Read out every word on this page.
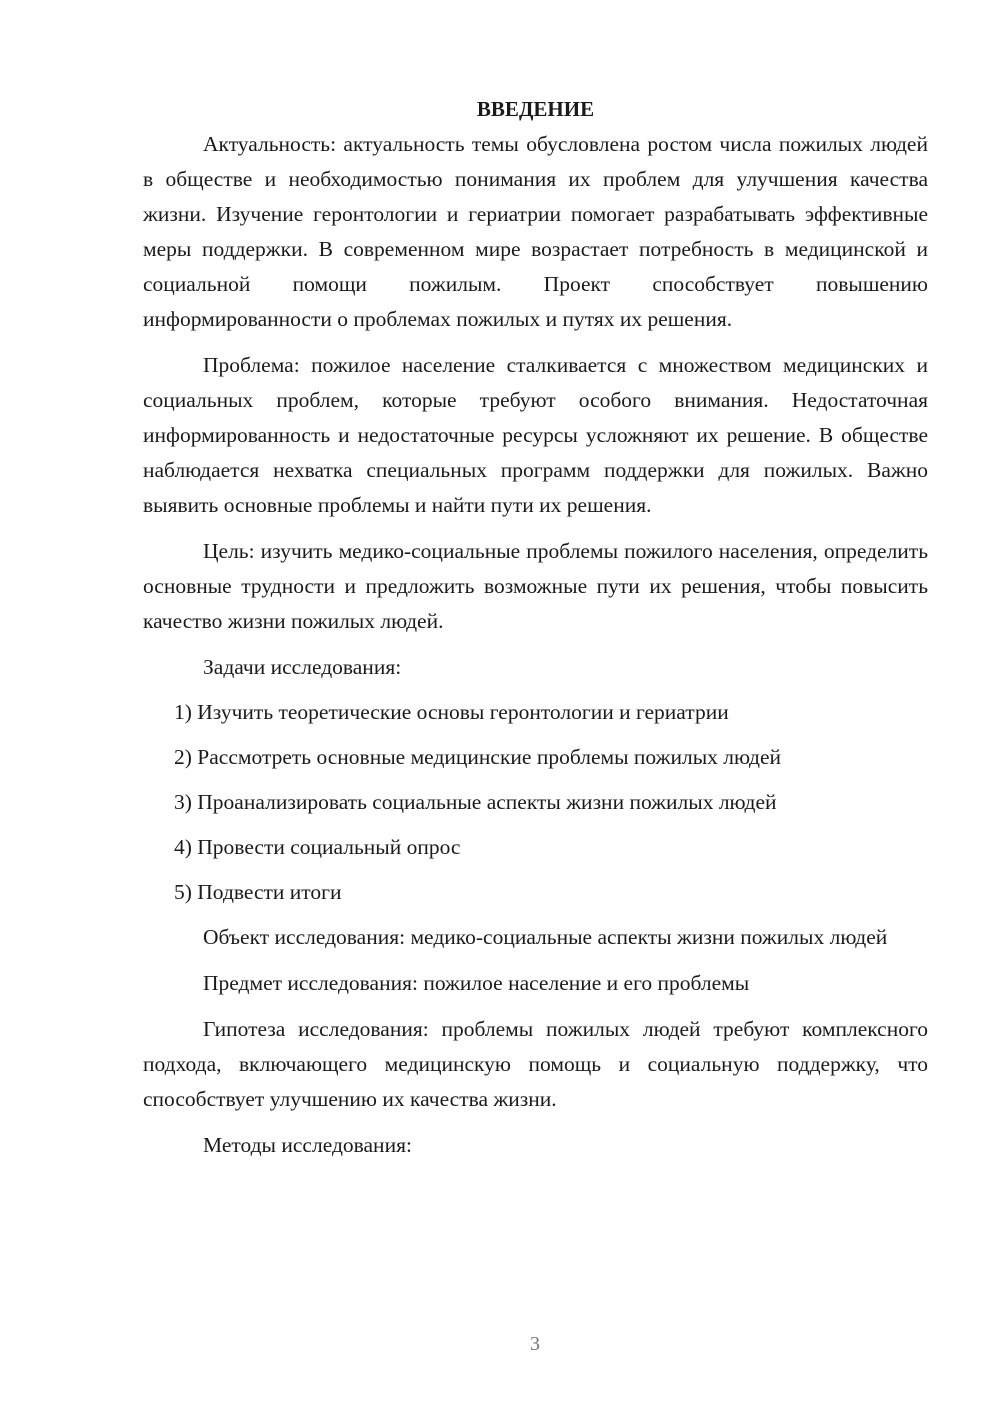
ВВЕДЕНИЕ

Актуальность: актуальность темы обусловлена ростом числа пожилых людей в обществе и необходимостью понимания их проблем для улучшения качества жизни. Изучение геронтологии и гериатрии помогает разрабатывать эффективные меры поддержки. В современном мире возрастает потребность в медицинской и социальной помощи пожилым. Проект способствует повышению информированности о проблемах пожилых и путях их решения.

Проблема: пожилое население сталкивается с множеством медицинских и социальных проблем, которые требуют особого внимания. Недостаточная информированность и недостаточные ресурсы усложняют их решение. В обществе наблюдается нехватка специальных программ поддержки для пожилых. Важно выявить основные проблемы и найти пути их решения.

Цель: изучить медико-социальные проблемы пожилого населения, определить основные трудности и предложить возможные пути их решения, чтобы повысить качество жизни пожилых людей.

Задачи исследования:

1) Изучить теоретические основы геронтологии и гериатрии

2) Рассмотреть основные медицинские проблемы пожилых людей

3) Проанализировать социальные аспекты жизни пожилых людей

4) Провести социальный опрос

5) Подвести итоги

Объект исследования: медико-социальные аспекты жизни пожилых людей

Предмет исследования: пожилое население и его проблемы

Гипотеза исследования: проблемы пожилых людей требуют комплексного подхода, включающего медицинскую помощь и социальную поддержку, что способствует улучшению их качества жизни.

Методы исследования:

3
